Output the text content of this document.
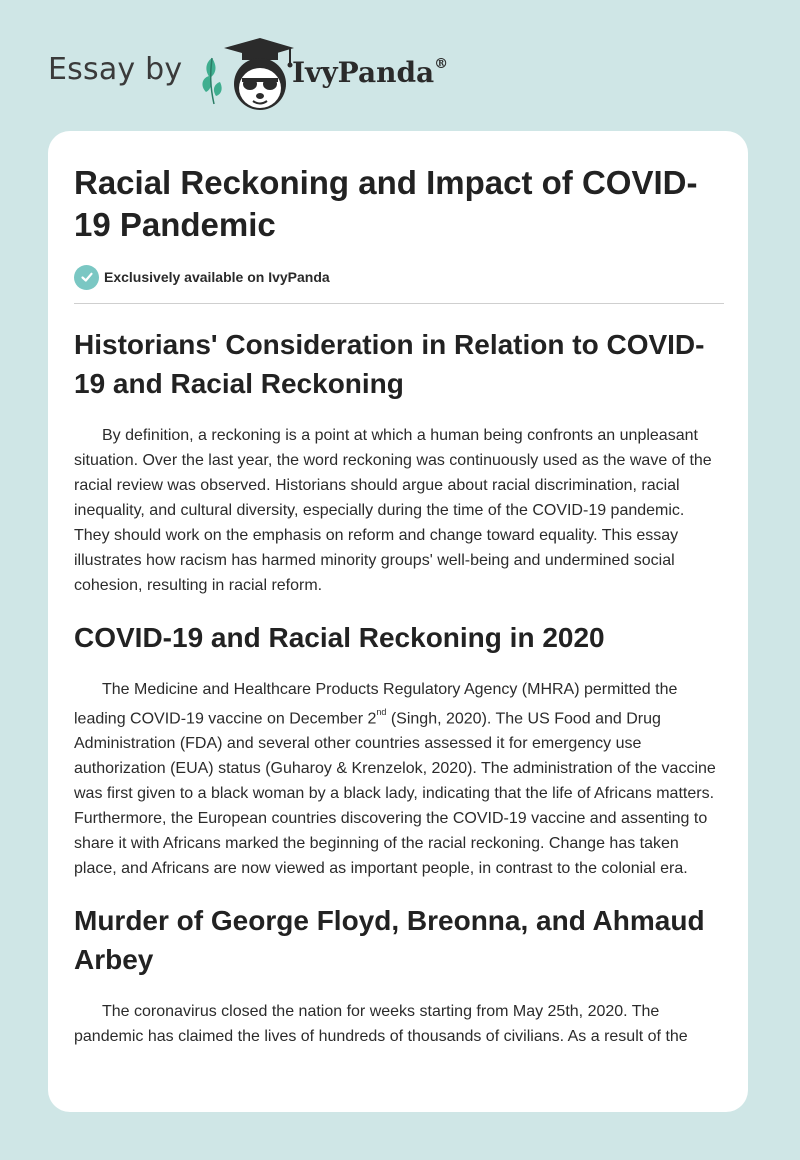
Essay by	IvyPanda®
Racial Reckoning and Impact of COVID-19 Pandemic
Exclusively available on IvyPanda
Historians' Consideration in Relation to COVID-19 and Racial Reckoning

By definition, a reckoning is a point at which a human being confronts an unpleasant situation. Over the last year, the word reckoning was continuously used as the wave of the racial review was observed. Historians should argue about racial discrimination, racial inequality, and cultural diversity, especially during the time of the COVID-19 pandemic. They should work on the emphasis on reform and change toward equality. This essay illustrates how racism has harmed minority groups' well-being and undermined social cohesion, resulting in racial reform.

COVID-19 and Racial Reckoning in 2020

The Medicine and Healthcare Products Regulatory Agency (MHRA) permitted the leading COVID-19 vaccine on December 2nd (Singh, 2020). The US Food and Drug Administration (FDA) and several other countries assessed it for emergency use authorization (EUA) status (Guharoy & Krenzelok, 2020). The administration of the vaccine was first given to a black woman by a black lady, indicating that the life of Africans matters. Furthermore, the European countries discovering the COVID-19 vaccine and assenting to share it with Africans marked the beginning of the racial reckoning. Change has taken place, and Africans are now viewed as important people, in contrast to the colonial era.

Murder of George Floyd, Breonna, and Ahmaud Arbey

The coronavirus closed the nation for weeks starting from May 25th, 2020. The pandemic has claimed the lives of hundreds of thousands of civilians. As a result of the
